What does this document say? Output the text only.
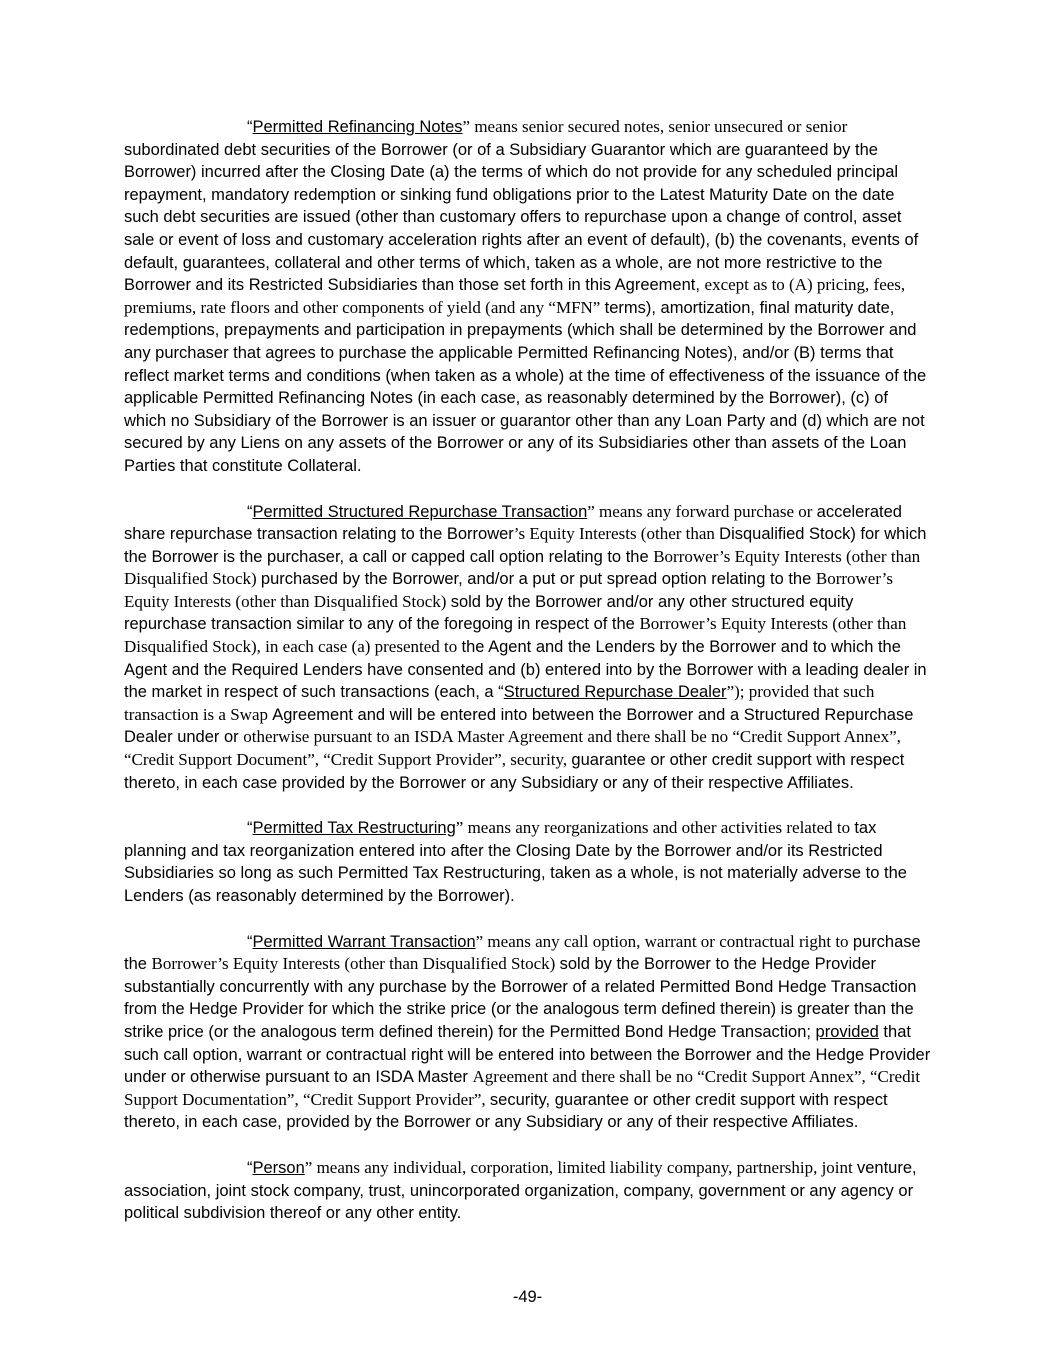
“Permitted Refinancing Notes” means senior secured notes, senior unsecured or senior subordinated debt securities of the Borrower (or of a Subsidiary Guarantor which are guaranteed by the Borrower) incurred after the Closing Date (a) the terms of which do not provide for any scheduled principal repayment, mandatory redemption or sinking fund obligations prior to the Latest Maturity Date on the date such debt securities are issued (other than customary offers to repurchase upon a change of control, asset sale or event of loss and customary acceleration rights after an event of default), (b) the covenants, events of default, guarantees, collateral and other terms of which, taken as a whole, are not more restrictive to the Borrower and its Restricted Subsidiaries than those set forth in this Agreement, except as to (A) pricing, fees, premiums, rate floors and other components of yield (and any “MFN” terms), amortization, final maturity date, redemptions, prepayments and participation in prepayments (which shall be determined by the Borrower and any purchaser that agrees to purchase the applicable Permitted Refinancing Notes), and/or (B) terms that reflect market terms and conditions (when taken as a whole) at the time of effectiveness of the issuance of the applicable Permitted Refinancing Notes (in each case, as reasonably determined by the Borrower), (c) of which no Subsidiary of the Borrower is an issuer or guarantor other than any Loan Party and (d) which are not secured by any Liens on any assets of the Borrower or any of its Subsidiaries other than assets of the Loan Parties that constitute Collateral.

“Permitted Structured Repurchase Transaction” means any forward purchase or accelerated share repurchase transaction relating to the Borrower’s Equity Interests (other than Disqualified Stock) for which the Borrower is the purchaser, a call or capped call option relating to the Borrower’s Equity Interests (other than Disqualified Stock) purchased by the Borrower, and/or a put or put spread option relating to the Borrower’s Equity Interests (other than Disqualified Stock) sold by the Borrower and/or any other structured equity repurchase transaction similar to any of the foregoing in respect of the Borrower’s Equity Interests (other than Disqualified Stock), in each case (a) presented to the Agent and the Lenders by the Borrower and to which the Agent and the Required Lenders have consented and (b) entered into by the Borrower with a leading dealer in the market in respect of such transactions (each, a “Structured Repurchase Dealer”); provided that such transaction is a Swap Agreement and will be entered into between the Borrower and a Structured Repurchase Dealer under or otherwise pursuant to an ISDA Master Agreement and there shall be no “Credit Support Annex”, “Credit Support Document”, “Credit Support Provider”, security, guarantee or other credit support with respect thereto, in each case provided by the Borrower or any Subsidiary or any of their respective Affiliates.

“Permitted Tax Restructuring” means any reorganizations and other activities related to tax planning and tax reorganization entered into after the Closing Date by the Borrower and/or its Restricted Subsidiaries so long as such Permitted Tax Restructuring, taken as a whole, is not materially adverse to the Lenders (as reasonably determined by the Borrower).

“Permitted Warrant Transaction” means any call option, warrant or contractual right to purchase the Borrower’s Equity Interests (other than Disqualified Stock) sold by the Borrower to the Hedge Provider substantially concurrently with any purchase by the Borrower of a related Permitted Bond Hedge Transaction from the Hedge Provider for which the strike price (or the analogous term defined therein) is greater than the strike price (or the analogous term defined therein) for the Permitted Bond Hedge Transaction; provided that such call option, warrant or contractual right will be entered into between the Borrower and the Hedge Provider under or otherwise pursuant to an ISDA Master Agreement and there shall be no “Credit Support Annex”, “Credit Support Documentation”, “Credit Support Provider”, security, guarantee or other credit support with respect thereto, in each case, provided by the Borrower or any Subsidiary or any of their respective Affiliates.

“Person” means any individual, corporation, limited liability company, partnership, joint venture, association, joint stock company, trust, unincorporated organization, company, government or any agency or political subdivision thereof or any other entity.

-49-
